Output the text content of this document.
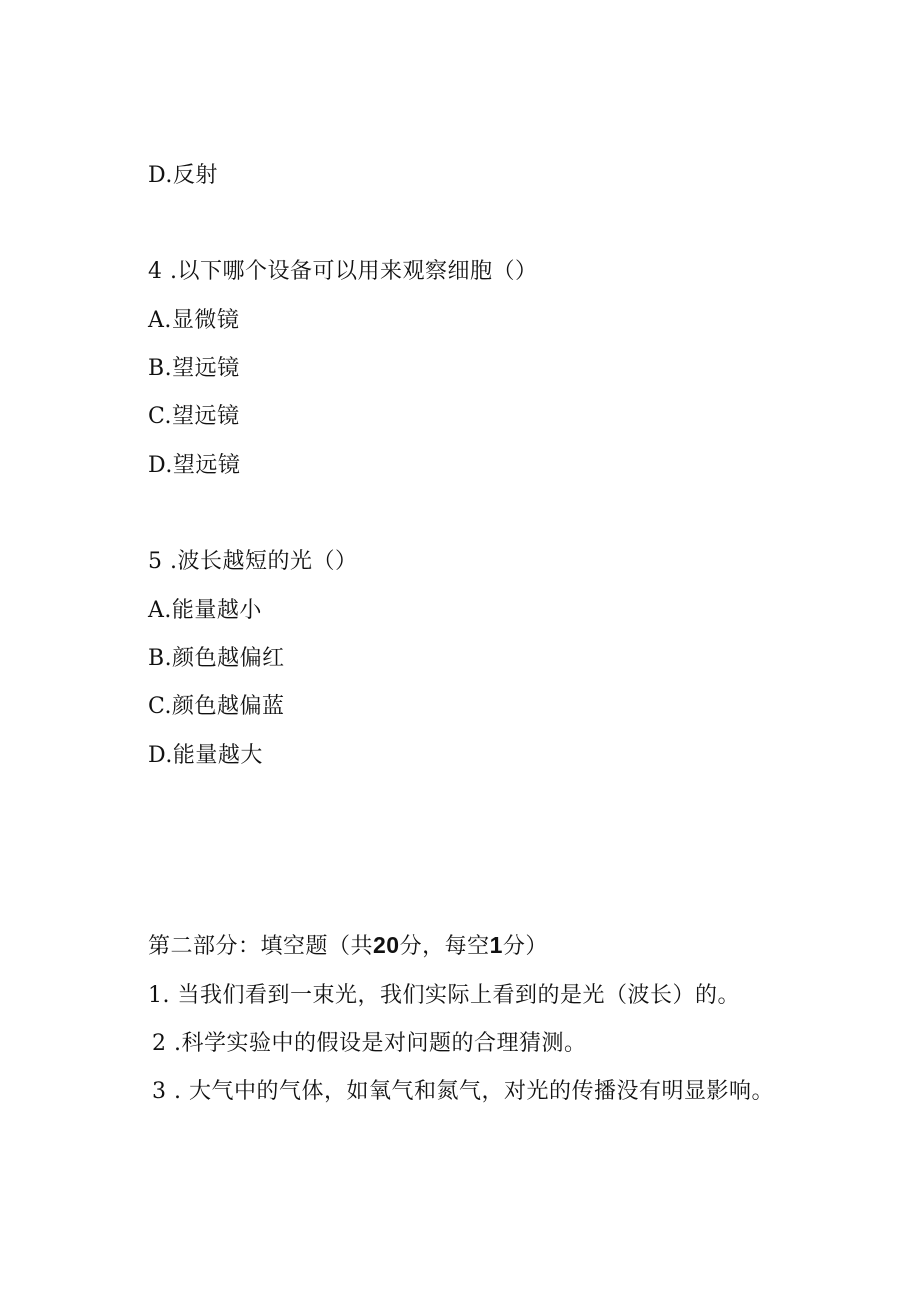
D.反射
4 .以下哪个设备可以用来观察细胞（）
A.显微镜
B.望远镜
C.望远镜
D.望远镜
5 .波长越短的光（）
A.能量越小
B.颜色越偏红
C.颜色越偏蓝
D.能量越大
第二部分：填空题（共20分，每空1分）
1. 当我们看到一束光，我们实际上看到的是光（波长）的。
2 .科学实验中的假设是对问题的合理猜测。
3 . 大气中的气体，如氧气和氮气，对光的传播没有明显影响。
